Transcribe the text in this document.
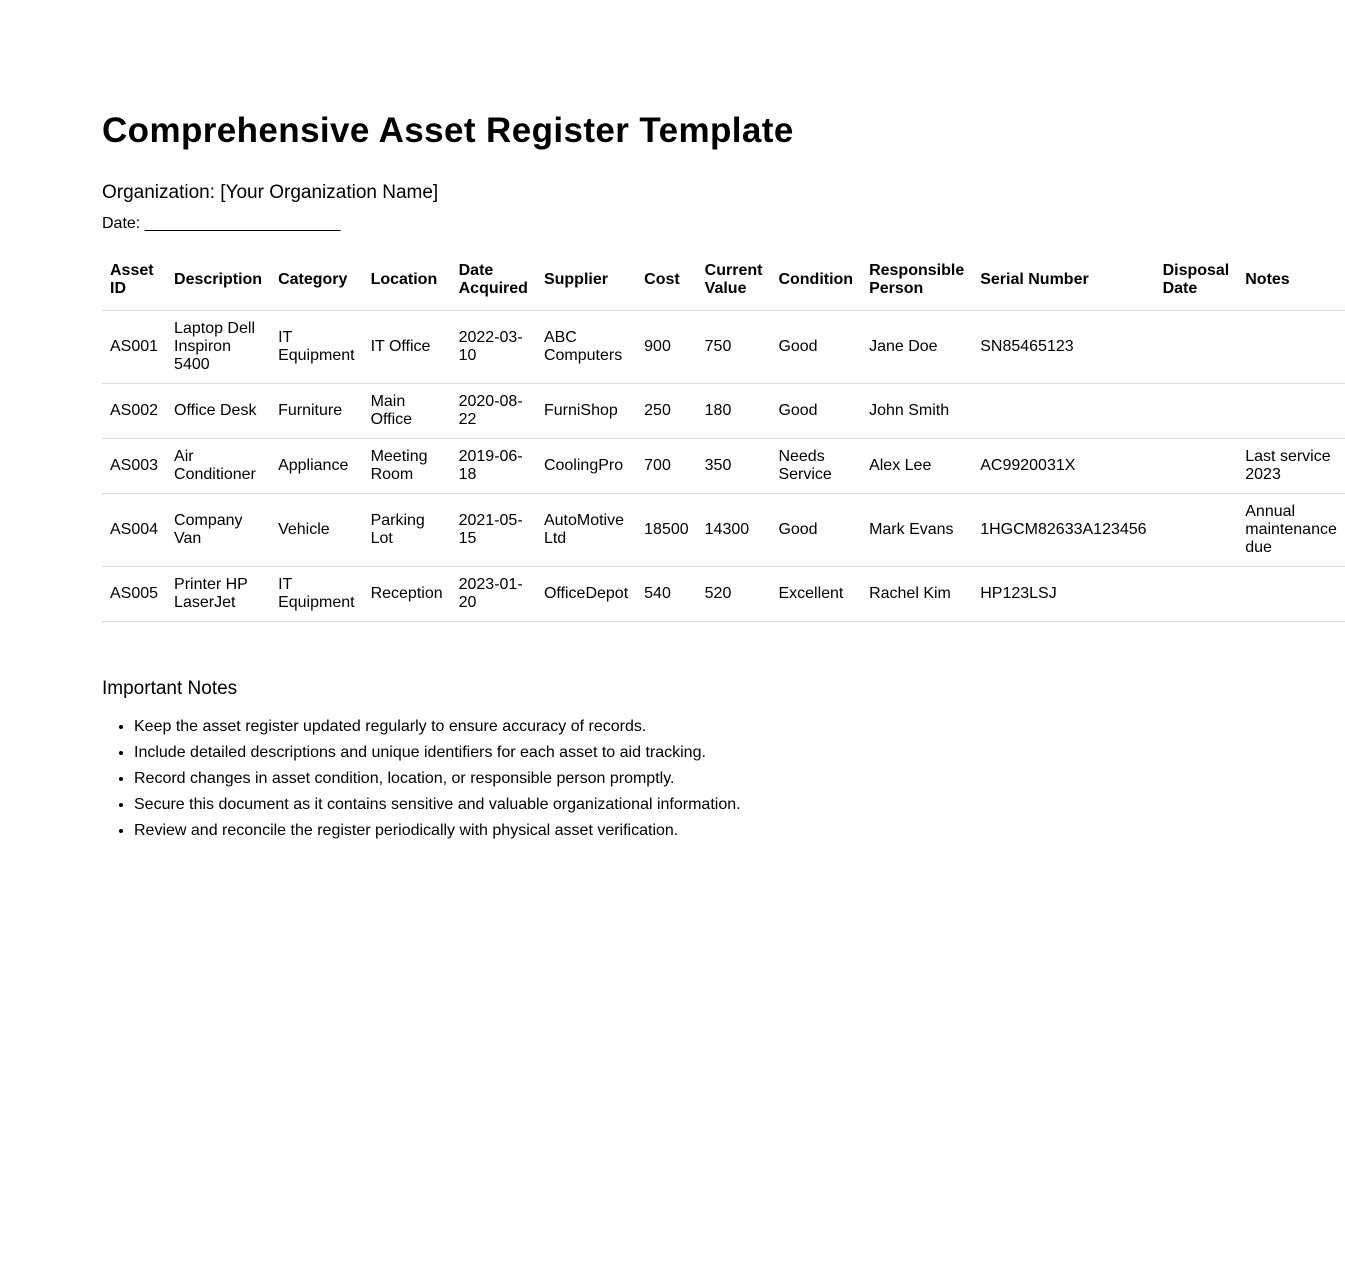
Comprehensive Asset Register Template
Organization: [Your Organization Name]
Date: ______________________
Asset ID	Description	Category	Location	Date Acquired	Supplier	Cost	Current Value	Condition	Responsible Person	Serial Number	Disposal Date	Notes
AS001	Laptop Dell Inspiron 5400	IT Equipment	IT Office	2022-03-10	ABC Computers	900	750	Good	Jane Doe	SN85465123		
AS002	Office Desk	Furniture	Main Office	2020-08-22	FurniShop	250	180	Good	John Smith			
AS003	Air Conditioner	Appliance	Meeting Room	2019-06-18	CoolingPro	700	350	Needs Service	Alex Lee	AC9920031X		Last service 2023
AS004	Company Van	Vehicle	Parking Lot	2021-05-15	AutoMotive Ltd	18500	14300	Good	Mark Evans	1HGCM82633A123456		Annual maintenance due
AS005	Printer HP LaserJet	IT Equipment	Reception	2023-01-20	OfficeDepot	540	520	Excellent	Rachel Kim	HP123LSJ		
Important Notes
• Keep the asset register updated regularly to ensure accuracy of records.
• Include detailed descriptions and unique identifiers for each asset to aid tracking.
• Record changes in asset condition, location, or responsible person promptly.
• Secure this document as it contains sensitive and valuable organizational information.
• Review and reconcile the register periodically with physical asset verification.
